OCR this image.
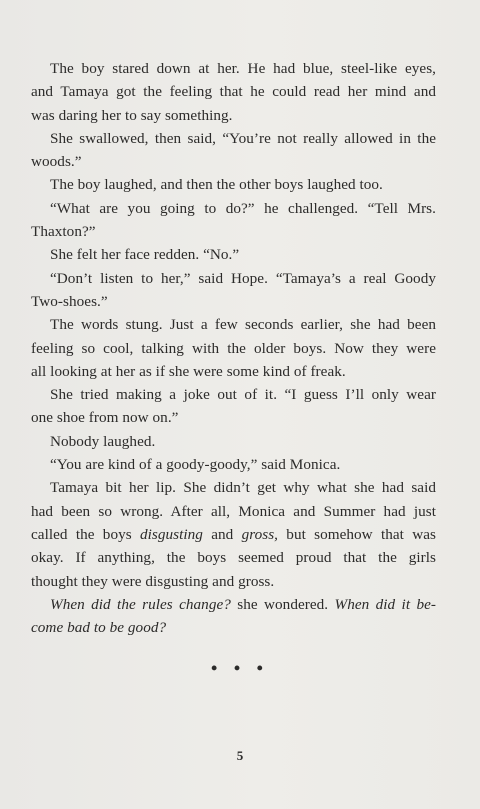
The boy stared down at her. He had blue, steel-like eyes,
and Tamaya got the feeling that he could read her mind and
was daring her to say something.
She swallowed, then said, “You’re not really allowed in the
woods.”
The boy laughed, and then the other boys laughed too.
“What are you going to do?” he challenged. “Tell Mrs.
Thaxton?”
She felt her face redden. “No.”
“Don’t listen to her,” said Hope. “Tamaya’s a real Goody
Two-shoes.”
The words stung. Just a few seconds earlier, she had been
feeling so cool, talking with the older boys. Now they were
all looking at her as if she were some kind of freak.
She tried making a joke out of it. “I guess I’ll only wear
one shoe from now on.”
Nobody laughed.
“You are kind of a goody-goody,” said Monica.
Tamaya bit her lip. She didn’t get why what she had said
had been so wrong. After all, Monica and Summer had just
called the boys disgusting and gross, but somehow that was
okay. If anything, the boys seemed proud that the girls
thought they were disgusting and gross.
When did the rules change? she wondered. When did it be-
come bad to be good?
• • •
5
